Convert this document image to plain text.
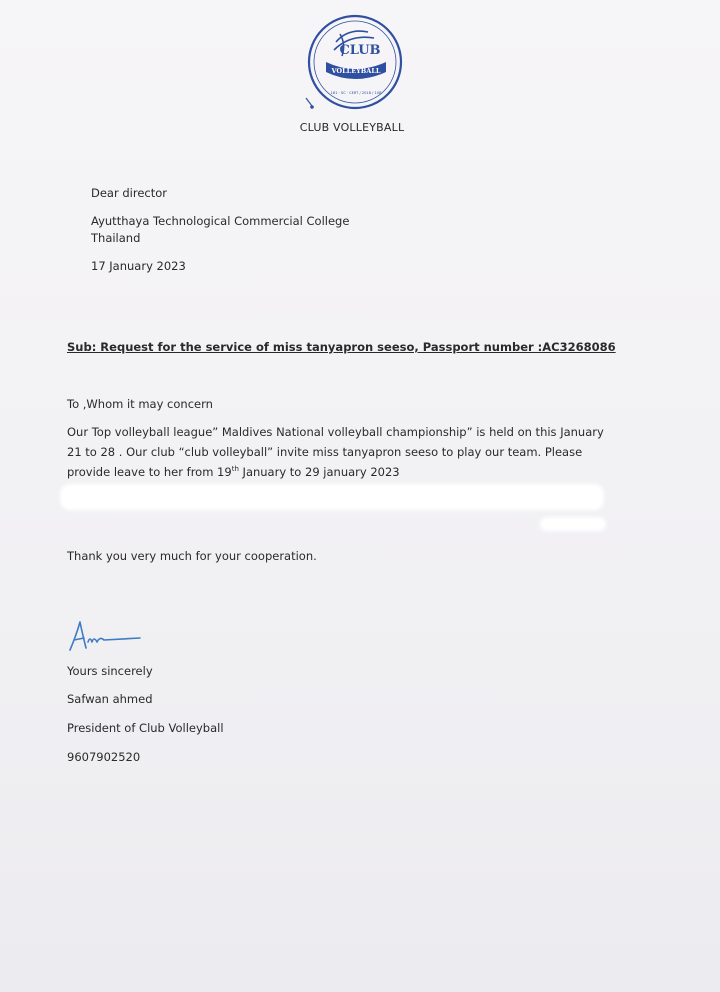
CLUB
VOLLEYBALL
181 · SC · CERT / 2018 / 108
CLUB VOLLEYBALL
Dear director
Ayutthaya Technological Commercial College
Thailand
17 January 2023
Sub: Request for the service of miss tanyapron seeso, Passport number :AC3268086
To ,Whom it may concern
Our Top volleyball league” Maldives National volleyball championship” is held on this January
21 to 28 . Our club “club volleyball” invite miss tanyapron seeso to play our team. Please
provide leave to her from 19th January to 29 january 2023
Thank you very much for your cooperation.
Yours sincerely
Safwan ahmed
President of Club Volleyball
9607902520
